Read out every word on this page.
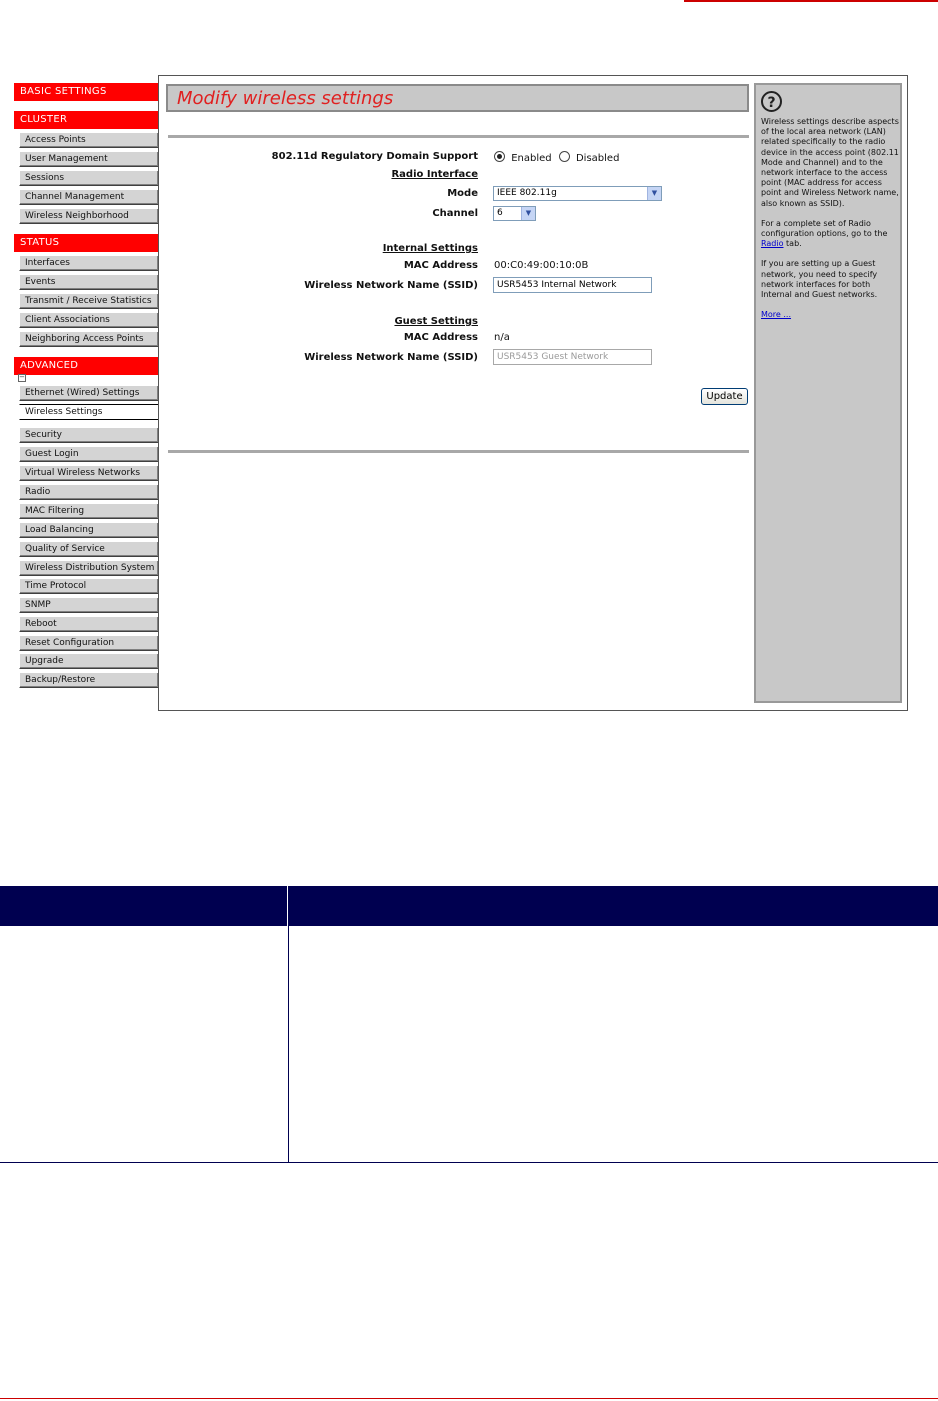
BASIC SETTINGS
CLUSTER
Access Points
User Management
Sessions
Channel Management
Wireless Neighborhood
STATUS
Interfaces
Events
Transmit / Receive Statistics
Client Associations
Neighboring Access Points
ADVANCED
−
Ethernet (Wired) Settings
Wireless Settings
Security
Guest Login
Virtual Wireless Networks
Radio
MAC Filtering
Load Balancing
Quality of Service
Wireless Distribution System
Time Protocol
SNMP
Reboot
Reset Configuration
Upgrade
Backup/Restore
Modify wireless settings
802.11d Regulatory Domain Support	Enabled Disabled
Radio Interface
Mode	IEEE 802.11g	▼
Channel	6	▼
Internal Settings
MAC Address 00:C0:49:00:10:0B
Wireless Network Name (SSID)	USR5453 Internal Network
Guest Settings
MAC Address n/a
Wireless Network Name (SSID)	USR5453 Guest Network
Update
?

Wireless settings describe aspects of the local area network (LAN) related specifically to the radio device in the access point (802.11 Mode and Channel) and to the network interface to the access point (MAC address for access point and Wireless Network name, also known as SSID).

For a complete set of Radio configuration options, go to the Radio tab.

If you are setting up a Guest network, you need to specify network interfaces for both Internal and Guest networks.

More ...
